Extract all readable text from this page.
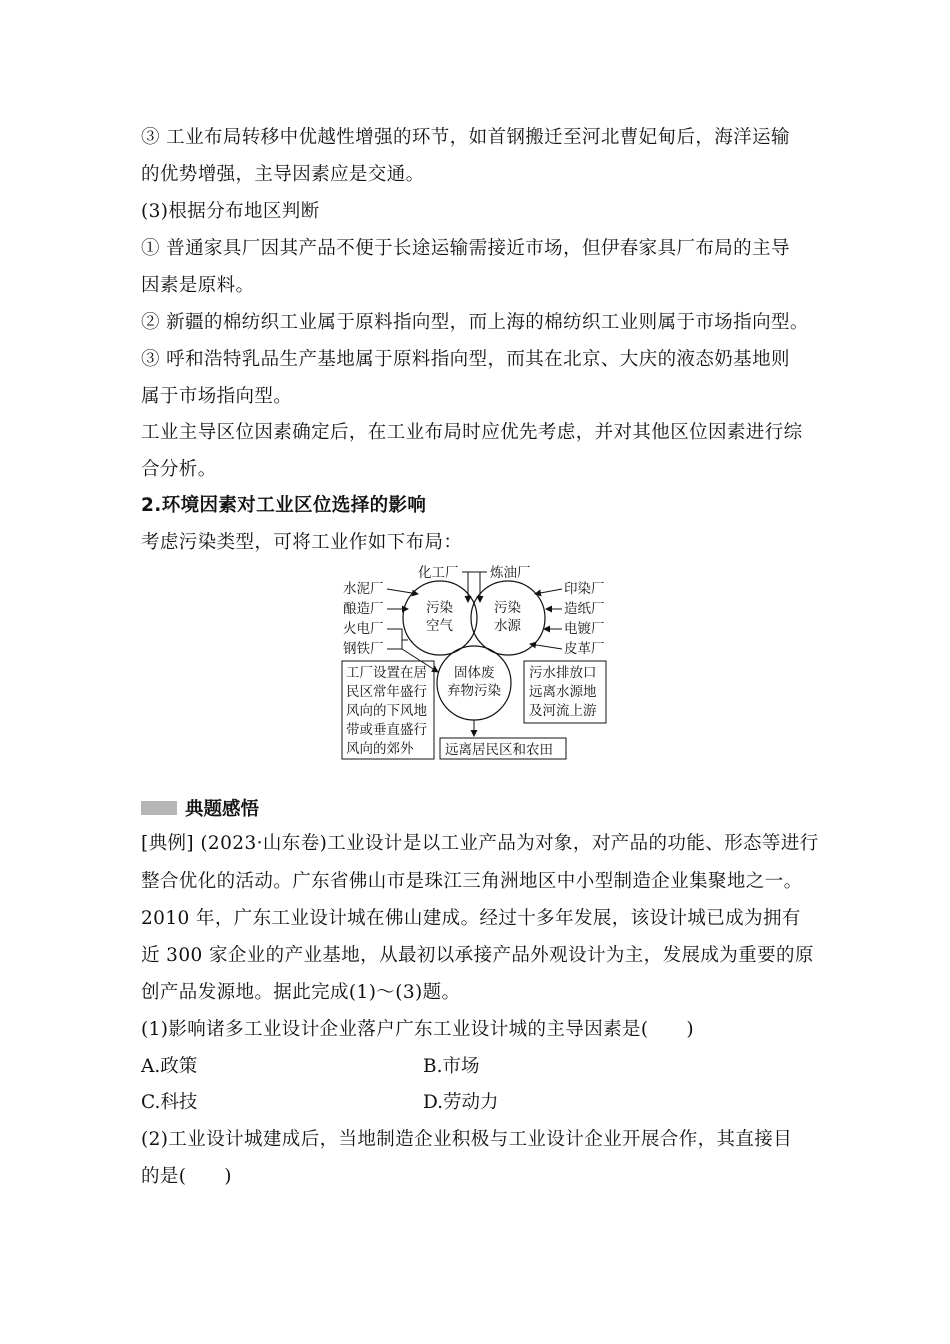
③ 工业布局转移中优越性增强的环节，如首钢搬迁至河北曹妃甸后，海洋运输
的优势增强，主导因素应是交通。
(3)根据分布地区判断
① 普通家具厂因其产品不便于长途运输需接近市场，但伊春家具厂布局的主导
因素是原料。
② 新疆的棉纺织工业属于原料指向型，而上海的棉纺织工业则属于市场指向型。
③ 呼和浩特乳品生产基地属于原料指向型，而其在北京、大庆的液态奶基地则
属于市场指向型。
工业主导区位因素确定后，在工业布局时应优先考虑，并对其他区位因素进行综
合分析。
2.环境因素对工业区位选择的影响
考虑污染类型，可将工业作如下布局：
污染
空气
污染
水源
固体废
弃物污染
化工厂 炼油厂
水泥厂
酿造厂
火电厂
钢铁厂
印染厂
造纸厂
电镀厂
皮革厂
工厂设置在居
民区常年盛行
风向的下风地
带或垂直盛行
风向的郊外
污水排放口
远离水源地
及河流上游
远离居民区和农田
典题感悟
[典例] (2023·山东卷)工业设计是以工业产品为对象，对产品的功能、形态等进行
整合优化的活动。广东省佛山市是珠江三角洲地区中小型制造企业集聚地之一。
2010 年，广东工业设计城在佛山建成。经过十多年发展，该设计城已成为拥有
近 300 家企业的产业基地，从最初以承接产品外观设计为主，发展成为重要的原
创产品发源地。据此完成(1)～(3)题。
(1)影响诸多工业设计企业落户广东工业设计城的主导因素是(　　)
A.政策	B.市场
C.科技	D.劳动力
(2)工业设计城建成后，当地制造企业积极与工业设计企业开展合作，其直接目
的是(　　)
